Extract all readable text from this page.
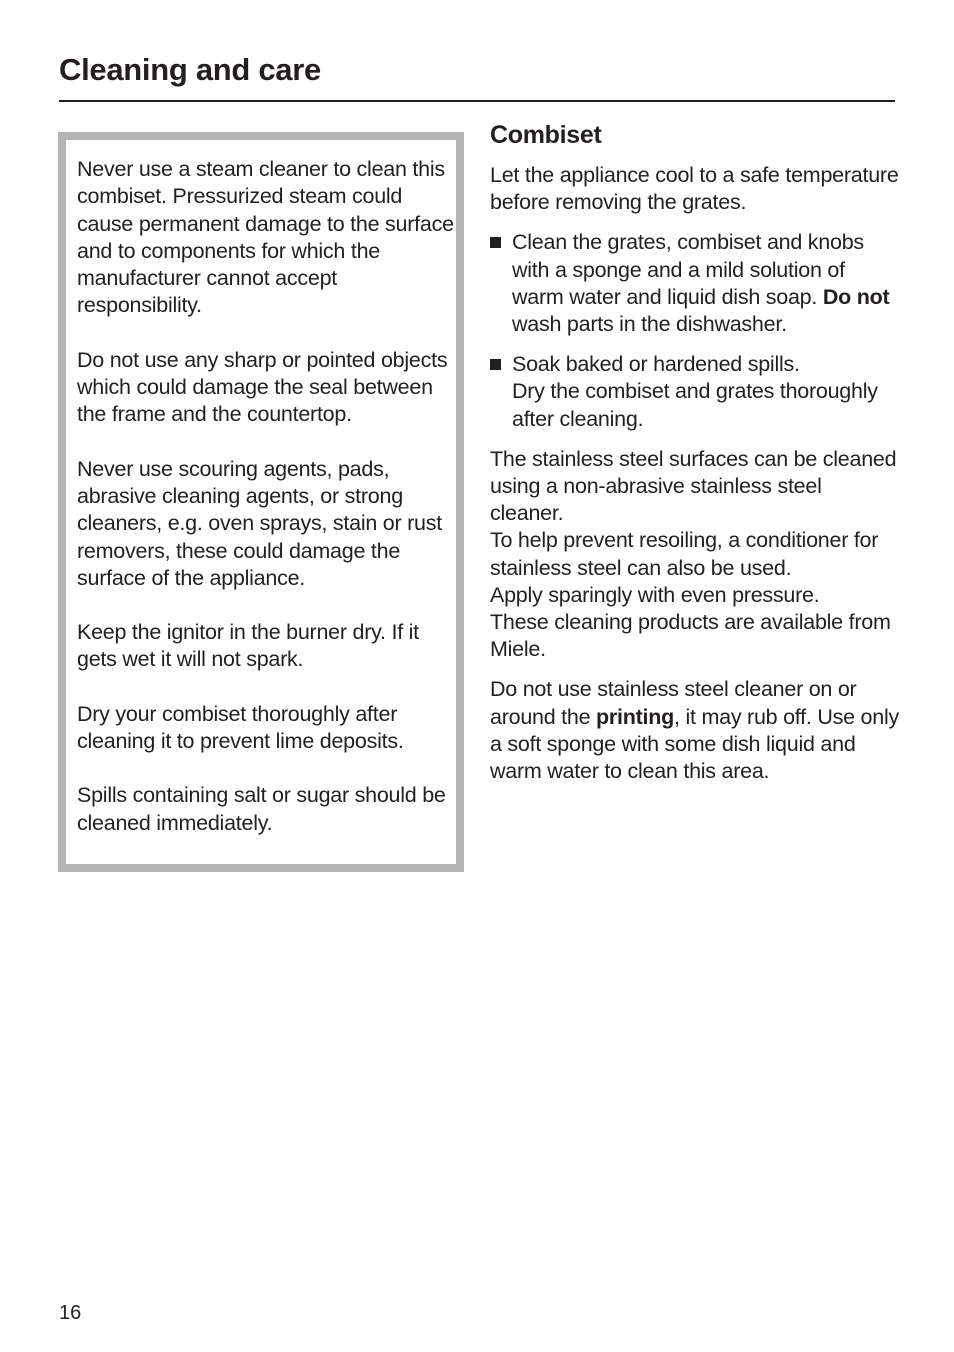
Cleaning and care

Never use a steam cleaner to clean this combiset. Pressurized steam could cause permanent damage to the surface and to components for which the manufacturer cannot accept responsibility.

Do not use any sharp or pointed objects which could damage the seal between the frame and the countertop.

Never use scouring agents, pads, abrasive cleaning agents, or strong cleaners, e.g. oven sprays, stain or rust removers, these could damage the surface of the appliance.

Keep the ignitor in the burner dry. If it gets wet it will not spark.

Dry your combiset thoroughly after cleaning it to prevent lime deposits.

Spills containing salt or sugar should be cleaned immediately.

Combiset

Let the appliance cool to a safe temperature before removing the grates.

Clean the grates, combiset and knobs with a sponge and a mild solution of warm water and liquid dish soap. Do not wash parts in the dishwasher.
Soak baked or hardened spills.
Dry the combiset and grates thoroughly after cleaning.

The stainless steel surfaces can be cleaned using a non-abrasive stainless steel cleaner.
To help prevent resoiling, a conditioner for stainless steel can also be used.
Apply sparingly with even pressure.
These cleaning products are available from Miele.

Do not use stainless steel cleaner on or around the printing, it may rub off. Use only a soft sponge with some dish liquid and warm water to clean this area.

16
